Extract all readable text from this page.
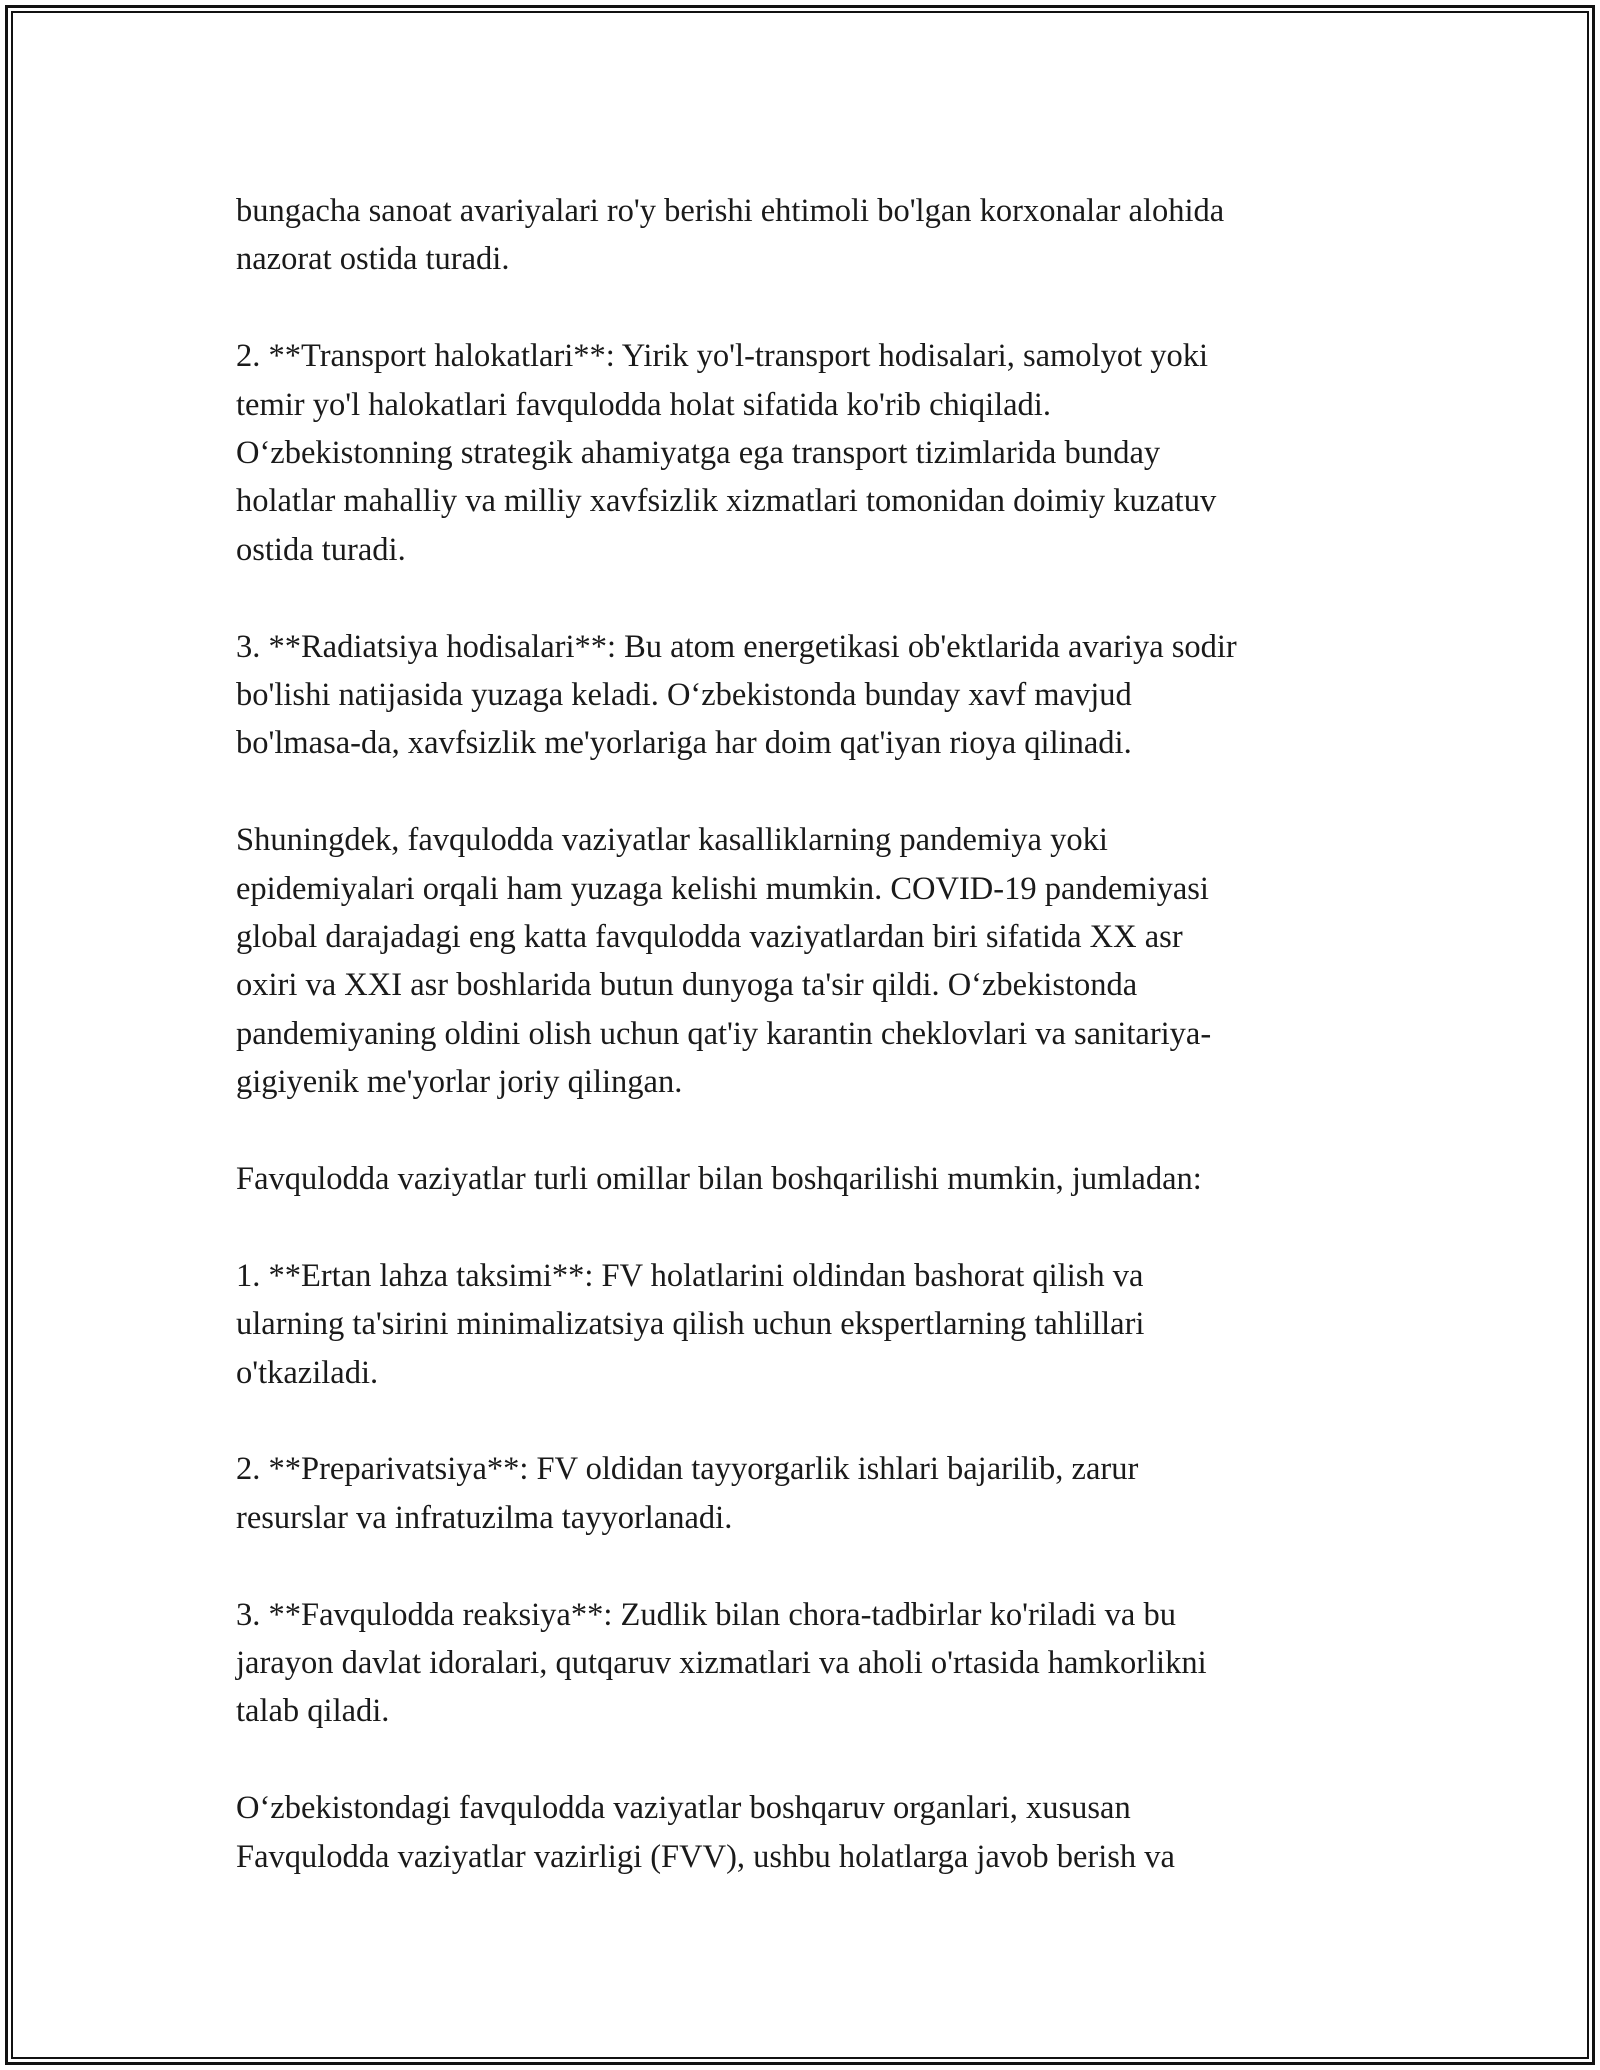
bungacha sanoat avariyalari ro'y berishi ehtimoli bo'lgan korxonalar alohida
nazorat ostida turadi.

2. **Transport halokatlari**: Yirik yo'l-transport hodisalari, samolyot yoki
temir yo'l halokatlari favqulodda holat sifatida ko'rib chiqiladi.
O‘zbekistonning strategik ahamiyatga ega transport tizimlarida bunday
holatlar mahalliy va milliy xavfsizlik xizmatlari tomonidan doimiy kuzatuv
ostida turadi.

3. **Radiatsiya hodisalari**: Bu atom energetikasi ob'ektlarida avariya sodir
bo'lishi natijasida yuzaga keladi. O‘zbekistonda bunday xavf mavjud
bo'lmasa-da, xavfsizlik me'yorlariga har doim qat'iyan rioya qilinadi.

Shuningdek, favqulodda vaziyatlar kasalliklarning pandemiya yoki
epidemiyalari orqali ham yuzaga kelishi mumkin. COVID-19 pandemiyasi
global darajadagi eng katta favqulodda vaziyatlardan biri sifatida XX asr
oxiri va XXI asr boshlarida butun dunyoga ta'sir qildi. O‘zbekistonda
pandemiyaning oldini olish uchun qat'iy karantin cheklovlari va sanitariya-
gigiyenik me'yorlar joriy qilingan.

Favqulodda vaziyatlar turli omillar bilan boshqarilishi mumkin, jumladan:

1. **Ertan lahza taksimi**: FV holatlarini oldindan bashorat qilish va
ularning ta'sirini minimalizatsiya qilish uchun ekspertlarning tahlillari
o'tkaziladi.

2. **Preparivatsiya**: FV oldidan tayyorgarlik ishlari bajarilib, zarur
resurslar va infratuzilma tayyorlanadi.

3. **Favqulodda reaksiya**: Zudlik bilan chora-tadbirlar ko'riladi va bu
jarayon davlat idoralari, qutqaruv xizmatlari va aholi o'rtasida hamkorlikni
talab qiladi.

O‘zbekistondagi favqulodda vaziyatlar boshqaruv organlari, xususan
Favqulodda vaziyatlar vazirligi (FVV), ushbu holatlarga javob berish va
